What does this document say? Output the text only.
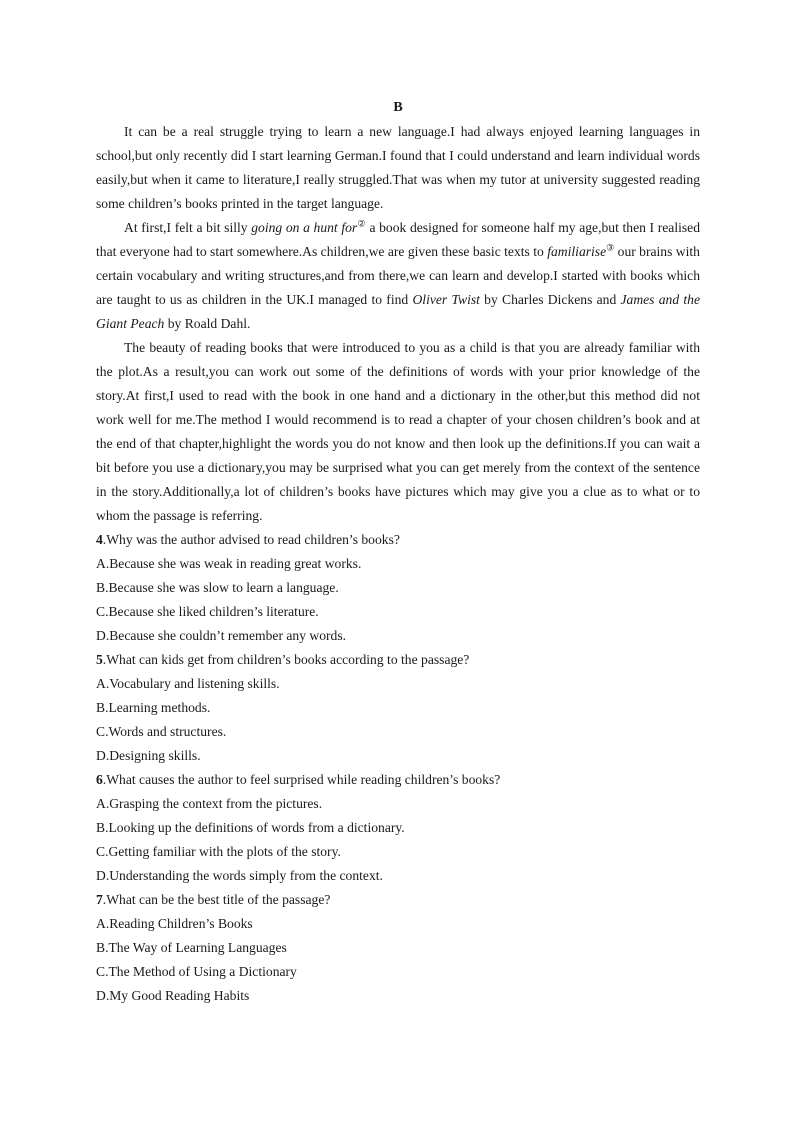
B

It can be a real struggle trying to learn a new language.I had always enjoyed learning languages in school,but only recently did I start learning German.I found that I could understand and learn individual words easily,but when it came to literature,I really struggled.That was when my tutor at university suggested reading some children’s books printed in the target language.

At first,I felt a bit silly going on a hunt for② a book designed for someone half my age,but then I realised that everyone had to start somewhere.As children,we are given these basic texts to familiarise③ our brains with certain vocabulary and writing structures,and from there,we can learn and develop.I started with books which are taught to us as children in the UK.I managed to find Oliver Twist by Charles Dickens and James and the Giant Peach by Roald Dahl.

The beauty of reading books that were introduced to you as a child is that you are already familiar with the plot.As a result,you can work out some of the definitions of words with your prior knowledge of the story.At first,I used to read with the book in one hand and a dictionary in the other,but this method did not work well for me.The method I would recommend is to read a chapter of your chosen children’s book and at the end of that chapter,highlight the words you do not know and then look up the definitions.If you can wait a bit before you use a dictionary,you may be surprised what you can get merely from the context of the sentence in the story.Additionally,a lot of children’s books have pictures which may give you a clue as to what or to whom the passage is referring.

4.Why was the author advised to read children’s books?

A.Because she was weak in reading great works.

B.Because she was slow to learn a language.

C.Because she liked children’s literature.

D.Because she couldn’t remember any words.

5.What can kids get from children’s books according to the passage?

A.Vocabulary and listening skills.

B.Learning methods.

C.Words and structures.

D.Designing skills.

6.What causes the author to feel surprised while reading children’s books?

A.Grasping the context from the pictures.

B.Looking up the definitions of words from a dictionary.

C.Getting familiar with the plots of the story.

D.Understanding the words simply from the context.

7.What can be the best title of the passage?

A.Reading Children’s Books

B.The Way of Learning Languages

C.The Method of Using a Dictionary

D.My Good Reading Habits
